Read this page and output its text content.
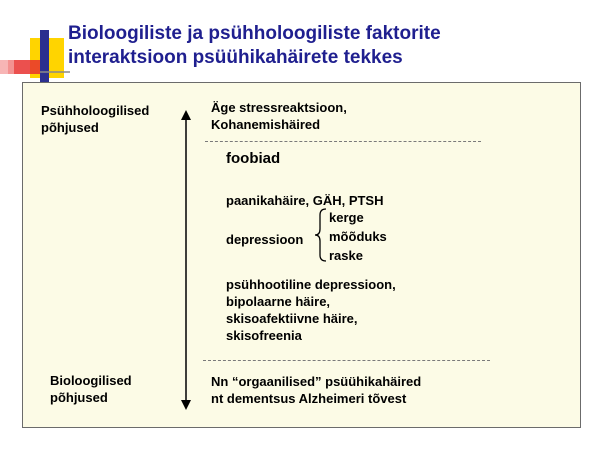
Bioloogiliste ja psühholoogiliste faktorite
interaktsioon psüühikahäirete tekkes
Psühholoogilised
põhjused
Bioloogilised
põhjused
Äge stressreaktsioon,
Kohanemishäired
foobiad
paanikahäire, GÄH, PTSH
depressioon
kerge
mõõduks
raske
psühhootiline depressioon,
bipolaarne häire,
skisoafektiivne häire,
skisofreenia
Nn “orgaanilised” psüühikahäired
nt dementsus Alzheimeri tõvest
